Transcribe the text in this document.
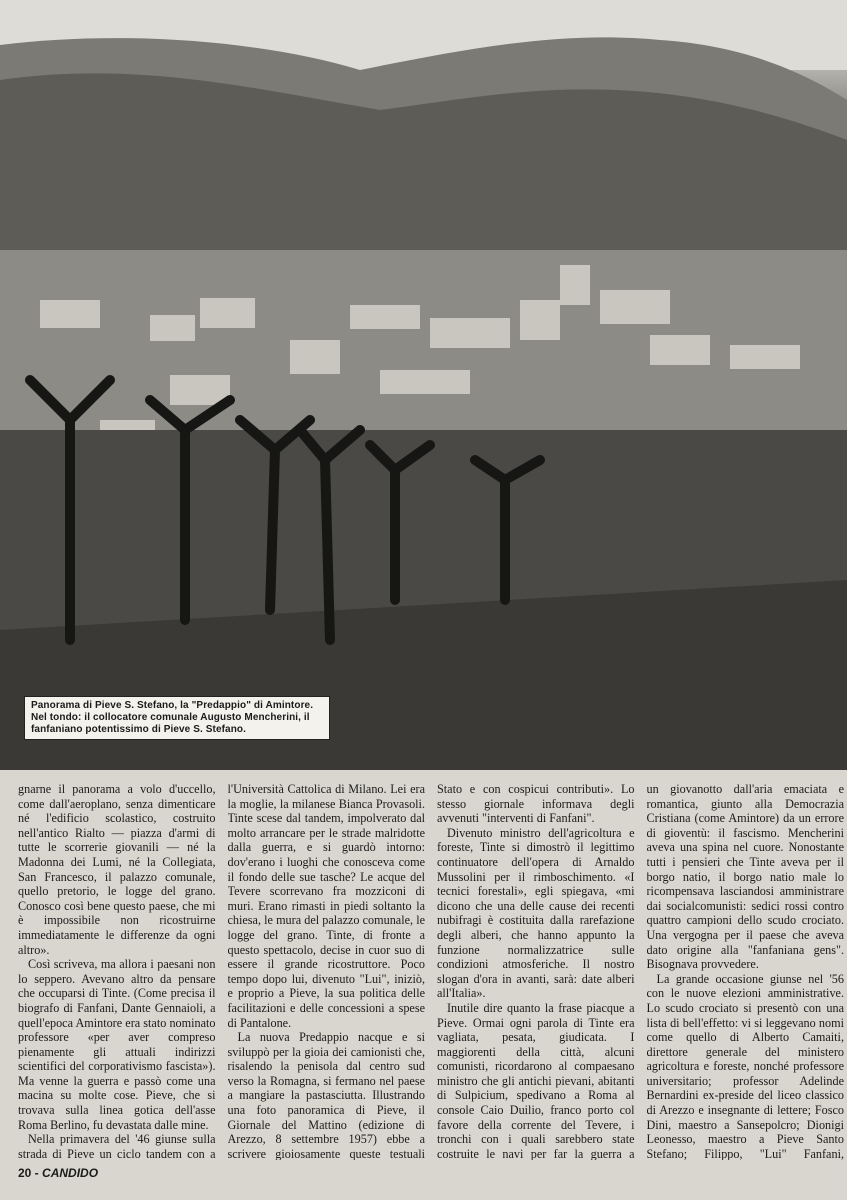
Panorama di Pieve S. Stefano, la "Predappio" di Amintore. Nel tondo: il collocatore comunale Augusto Mencherini, il fanfaniano potentissimo di Pieve S. Stefano.

gnarne il panorama a volo d'uccello, come dall'aeroplano, senza dimenticare né l'edificio scolastico, costruito nell'antico Rialto — piazza d'armi di tutte le scorrerie giovanili — né la Madonna dei Lumi, né la Collegiata, San Francesco, il palazzo comunale, quello pretorio, le logge del grano. Conosco così bene questo paese, che mi è impossibile non ricostruirne immediatamente le differenze da ogni altro».

Così scriveva, ma allora i paesani non lo seppero. Avevano altro da pensare che occuparsi di Tinte. (Come precisa il biografo di Fanfani, Dante Gennaioli, a quell'epoca Amintore era stato nominato professore «per aver compreso pienamente gli attuali indirizzi scientifici del corporativismo fascista»). Ma venne la guerra e passò come una macina su molte cose. Pieve, che si trovava sulla linea gotica dell'asse Roma Berlino, fu devastata dalle mine.

Nella primavera del '46 giunse sulla strada di Pieve un ciclo tandem con a

l'Università Cattolica di Milano. Lei era la moglie, la milanese Bianca Provasoli. Tinte scese dal tandem, impolverato dal molto arrancare per le strade malridotte dalla guerra, e si guardò intorno: dov'erano i luoghi che conosceva come il fondo delle sue tasche? Le acque del Tevere scorrevano fra mozziconi di muri. Erano rimasti in piedi soltanto la chiesa, le mura del palazzo comunale, le logge del grano. Tinte, di fronte a questo spettacolo, decise in cuor suo di essere il grande ricostruttore. Poco tempo dopo lui, divenuto "Lui", iniziò, e proprio a Pieve, la sua politica delle facilitazioni e delle concessioni a spese di Pantalone.

La nuova Predappio nacque e si sviluppò per la gioia dei camionisti che, risalendo la penisola dal centro sud verso la Romagna, si fermano nel paese a mangiare la pastasciutta. Illustrando una foto panoramica di Pieve, il Giornale del Mattino (edizione di Arezzo, 8 settembre 1957) ebbe a scrivere gioiosamente queste testuali

Stato e con cospicui contributi». Lo stesso giornale informava degli avvenuti "interventi di Fanfani".

Divenuto ministro dell'agricoltura e foreste, Tinte si dimostrò il legittimo continuatore dell'opera di Arnaldo Mussolini per il rimboschimento. «I tecnici forestali», egli spiegava, «mi dicono che una delle cause dei recenti nubifragi è costituita dalla rarefazione degli alberi, che hanno appunto la funzione normalizzatrice sulle condizioni atmosferiche. Il nostro slogan d'ora in avanti, sarà: date alberi all'Italia».

Inutile dire quanto la frase piacque a Pieve. Ormai ogni parola di Tinte era vagliata, pesata, giudicata. I maggiorenti della città, alcuni comunisti, ricordarono al compaesano ministro che gli antichi pievani, abitanti di Sulpicium, spedivano a Roma al console Caio Duilio, franco porto col favore della corrente del Tevere, i tronchi con i quali sarebbero state costruite le navi per far la guerra a

un giovanotto dall'aria emaciata e romantica, giunto alla Democrazia Cristiana (come Amintore) da un errore di gioventù: il fascismo. Mencherini aveva una spina nel cuore. Nonostante tutti i pensieri che Tinte aveva per il borgo natio, il borgo natio male lo ricompensava lasciandosi amministrare dai socialcomunisti: sedici rossi contro quattro campioni dello scudo crociato. Una vergogna per il paese che aveva dato origine alla "fanfaniana gens". Bisognava provvedere.

La grande occasione giunse nel '56 con le nuove elezioni amministrative. Lo scudo crociato si presentò con una lista di bell'effetto: vi si leggevano nomi come quello di Alberto Camaiti, direttore generale del ministero agricoltura e foreste, nonché professore universitario; professor Adelinde Bernardini ex-preside del liceo classico di Arezzo e insegnante di lettere; Fosco Dini, maestro a Sansepolcro; Dionigi Leonesso, maestro a Pieve Santo Stefano; Filippo, "Lui" Fanfani,

20 - CANDIDO
